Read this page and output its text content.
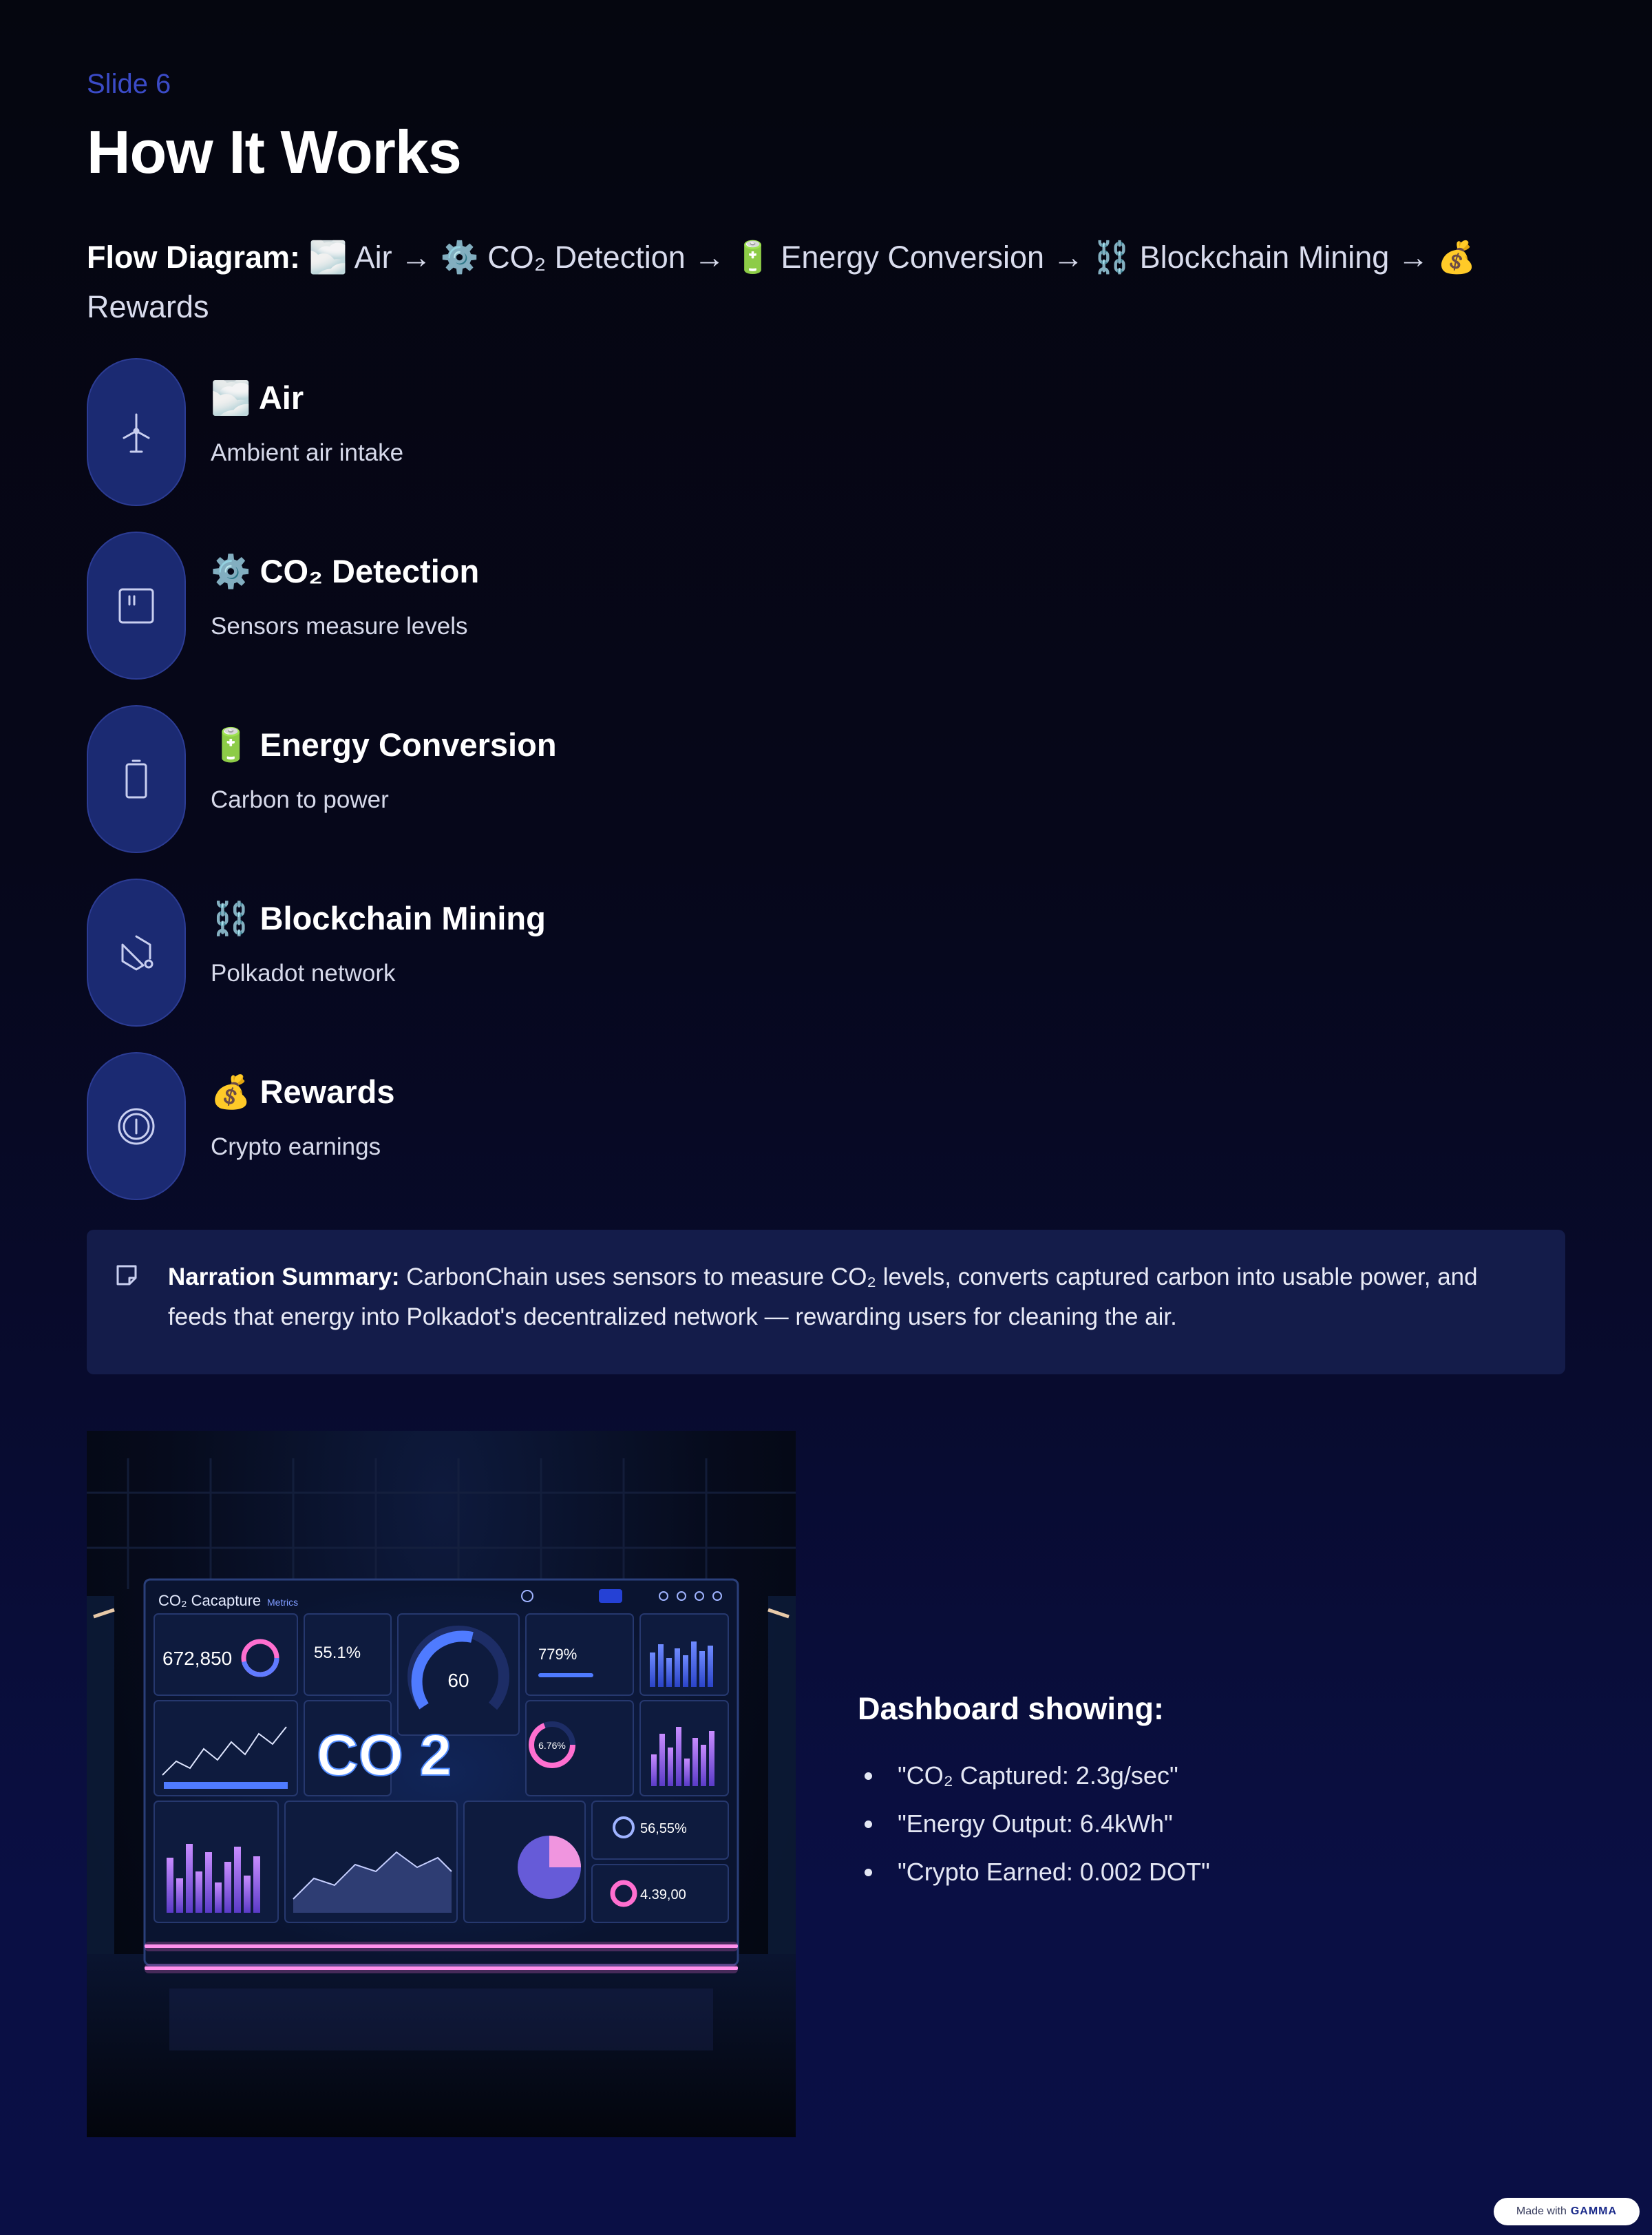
Slide 6
How It Works
Flow Diagram: 🌫️ Air → ⚙️ CO₂ Detection → 🔋 Energy Conversion → ⛓️ Blockchain Mining → 💰 Rewards
🌫️ Air
Ambient air intake
⚙️ CO₂ Detection
Sensors measure levels
🔋 Energy Conversion
Carbon to power
⛓️ Blockchain Mining
Polkadot network
💰 Rewards
Crypto earnings
Narration Summary: CarbonChain uses sensors to measure CO₂ levels, converts captured carbon into usable power, and feeds that energy into Polkadot's decentralized network — rewarding users for cleaning the air.
CO₂ Cacapture Metrics
672,850	55.1%
60
779%
CO 2	6.76%
56,55%
4.39,00
Dashboard showing:
"CO₂ Captured: 2.3g/sec"
"Energy Output: 6.4kWh"
"Crypto Earned: 0.002 DOT"
Made with GAMMA
